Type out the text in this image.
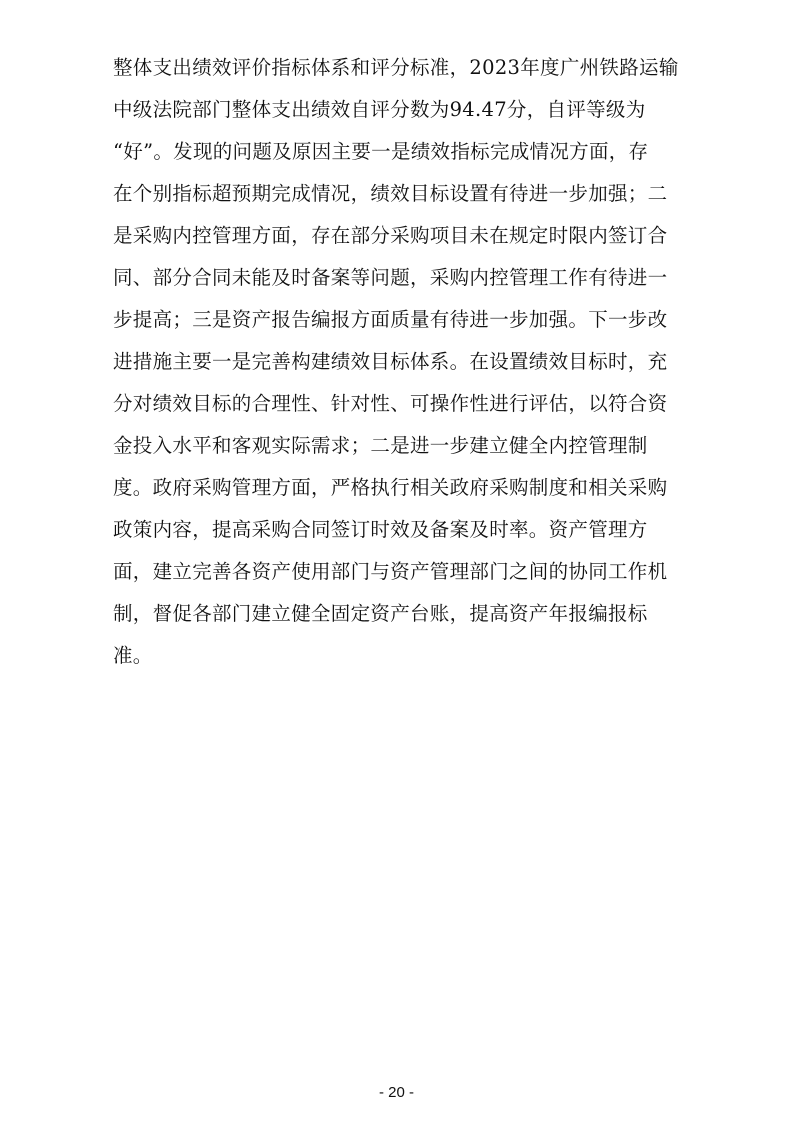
整体支出绩效评价指标体系和评分标准，2023年度广州铁路运输
中级法院部门整体支出绩效自评分数为94.47分，自评等级为
“好”。发现的问题及原因主要一是绩效指标完成情况方面，存
在个别指标超预期完成情况，绩效目标设置有待进一步加强；二
是采购内控管理方面，存在部分采购项目未在规定时限内签订合
同、部分合同未能及时备案等问题，采购内控管理工作有待进一
步提高；三是资产报告编报方面质量有待进一步加强。下一步改
进措施主要一是完善构建绩效目标体系。在设置绩效目标时，充
分对绩效目标的合理性、针对性、可操作性进行评估，以符合资
金投入水平和客观实际需求；二是进一步建立健全内控管理制
度。政府采购管理方面，严格执行相关政府采购制度和相关采购
政策内容，提高采购合同签订时效及备案及时率。资产管理方
面，建立完善各资产使用部门与资产管理部门之间的协同工作机
制，督促各部门建立健全固定资产台账，提高资产年报编报标
准。
- 20 -
